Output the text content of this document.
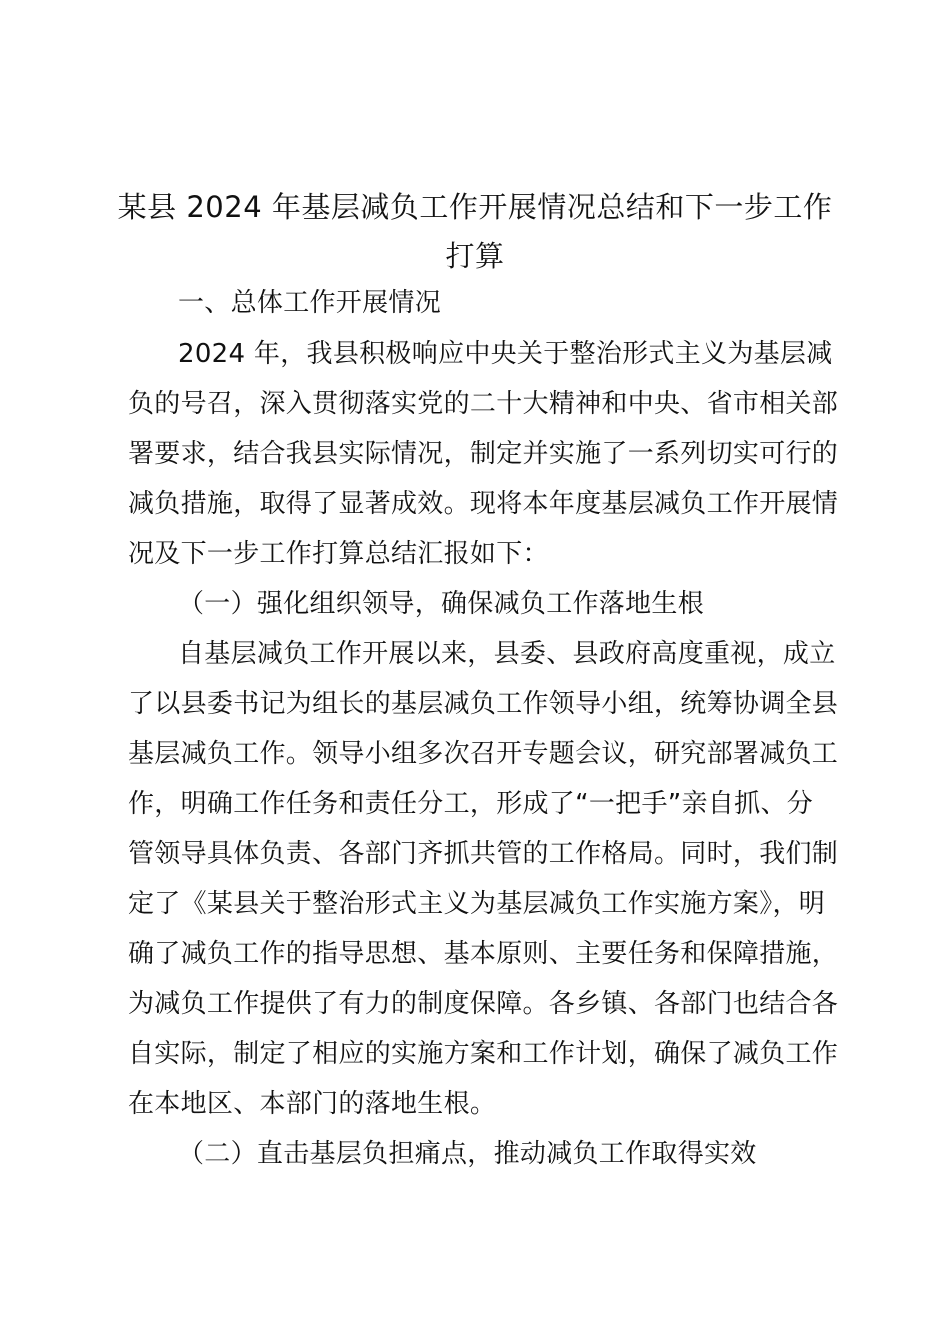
某县 2024 年基层减负工作开展情况总结和下一步工作
打算
一、总体工作开展情况
2024 年，我县积极响应中央关于整治形式主义为基层减
负的号召，深入贯彻落实党的二十大精神和中央、省市相关部
署要求，结合我县实际情况，制定并实施了一系列切实可行的
减负措施，取得了显著成效。现将本年度基层减负工作开展情
况及下一步工作打算总结汇报如下：
（一）强化组织领导，确保减负工作落地生根
自基层减负工作开展以来，县委、县政府高度重视，成立
了以县委书记为组长的基层减负工作领导小组，统筹协调全县
基层减负工作。领导小组多次召开专题会议，研究部署减负工
作，明确工作任务和责任分工，形成了“一把手”亲自抓、分
管领导具体负责、各部门齐抓共管的工作格局。同时，我们制
定了《某县关于整治形式主义为基层减负工作实施方案》，明
确了减负工作的指导思想、基本原则、主要任务和保障措施，
为减负工作提供了有力的制度保障。各乡镇、各部门也结合各
自实际，制定了相应的实施方案和工作计划，确保了减负工作
在本地区、本部门的落地生根。
（二）直击基层负担痛点，推动减负工作取得实效
